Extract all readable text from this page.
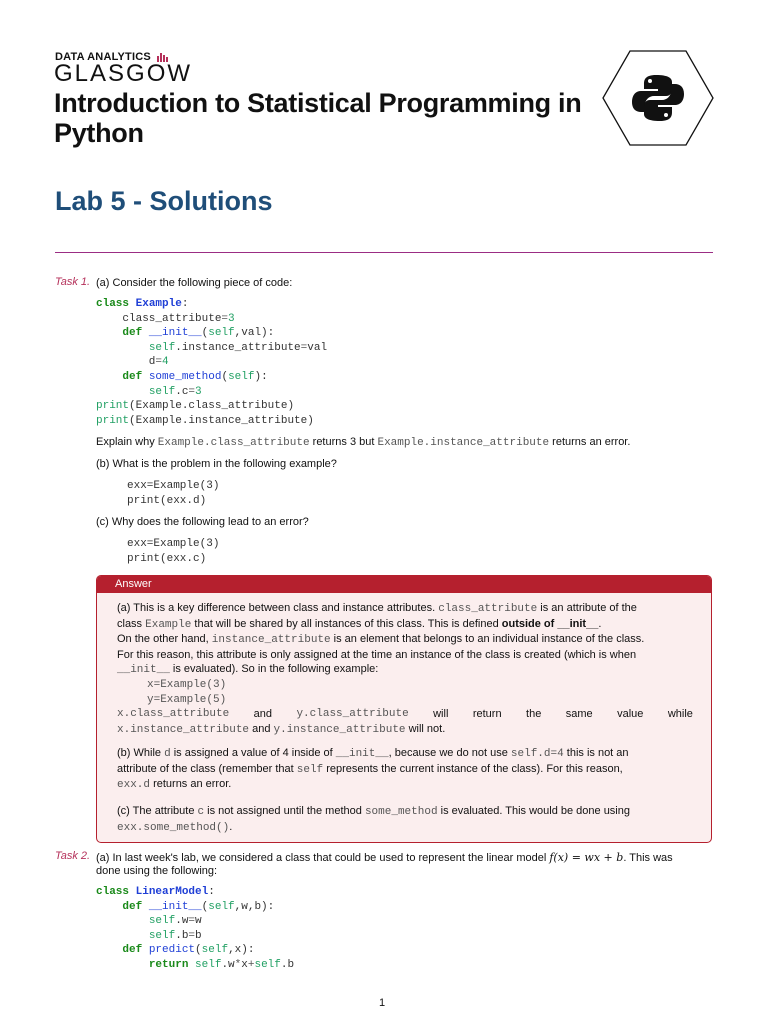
DATA ANALYTICS
GLASGOW
Introduction to Statistical Programming in Python
Lab 5 - Solutions
Task 1. (a) Consider the following piece of code:
class Example:
class_attribute=3
def __init__(self,val):
self.instance_attribute=val
d=4
def some_method(self):
self.c=3
print(Example.class_attribute)
print(Example.instance_attribute)
Explain why Example.class_attribute returns 3 but Example.instance_attribute returns an error.
(b) What is the problem in the following example?
exx=Example(3)
print(exx.d)
(c) Why does the following lead to an error?
exx=Example(3)
print(exx.c)
Answer
(a) This is a key difference between class and instance attributes. class_attribute is an attribute of the
class Example that will be shared by all instances of this class. This is defined outside of __init__.
On the other hand, instance_attribute is an element that belongs to an individual instance of the class.
For this reason, this attribute is only assigned at the time an instance of the class is created (which is when
__init__ is evaluated). So in the following example:
x=Example(3)
y=Example(5)
x.class_attribute and y.class_attribute will return the same value while
x.instance_attribute and y.instance_attribute will not.
(b) While d is assigned a value of 4 inside of __init__, because we do not use self.d=4 this is not an
attribute of the class (remember that self represents the current instance of the class). For this reason,
exx.d returns an error.
(c) The attribute c is not assigned until the method some_method is evaluated. This would be done using
exx.some_method().
Task 2. (a) In last week's lab, we considered a class that could be used to represent the linear model f(x) = wx + b. This was
done using the following:
class LinearModel:
def __init__(self,w,b):
self.w=w
self.b=b
def predict(self,x):
return self.w*x+self.b
1
